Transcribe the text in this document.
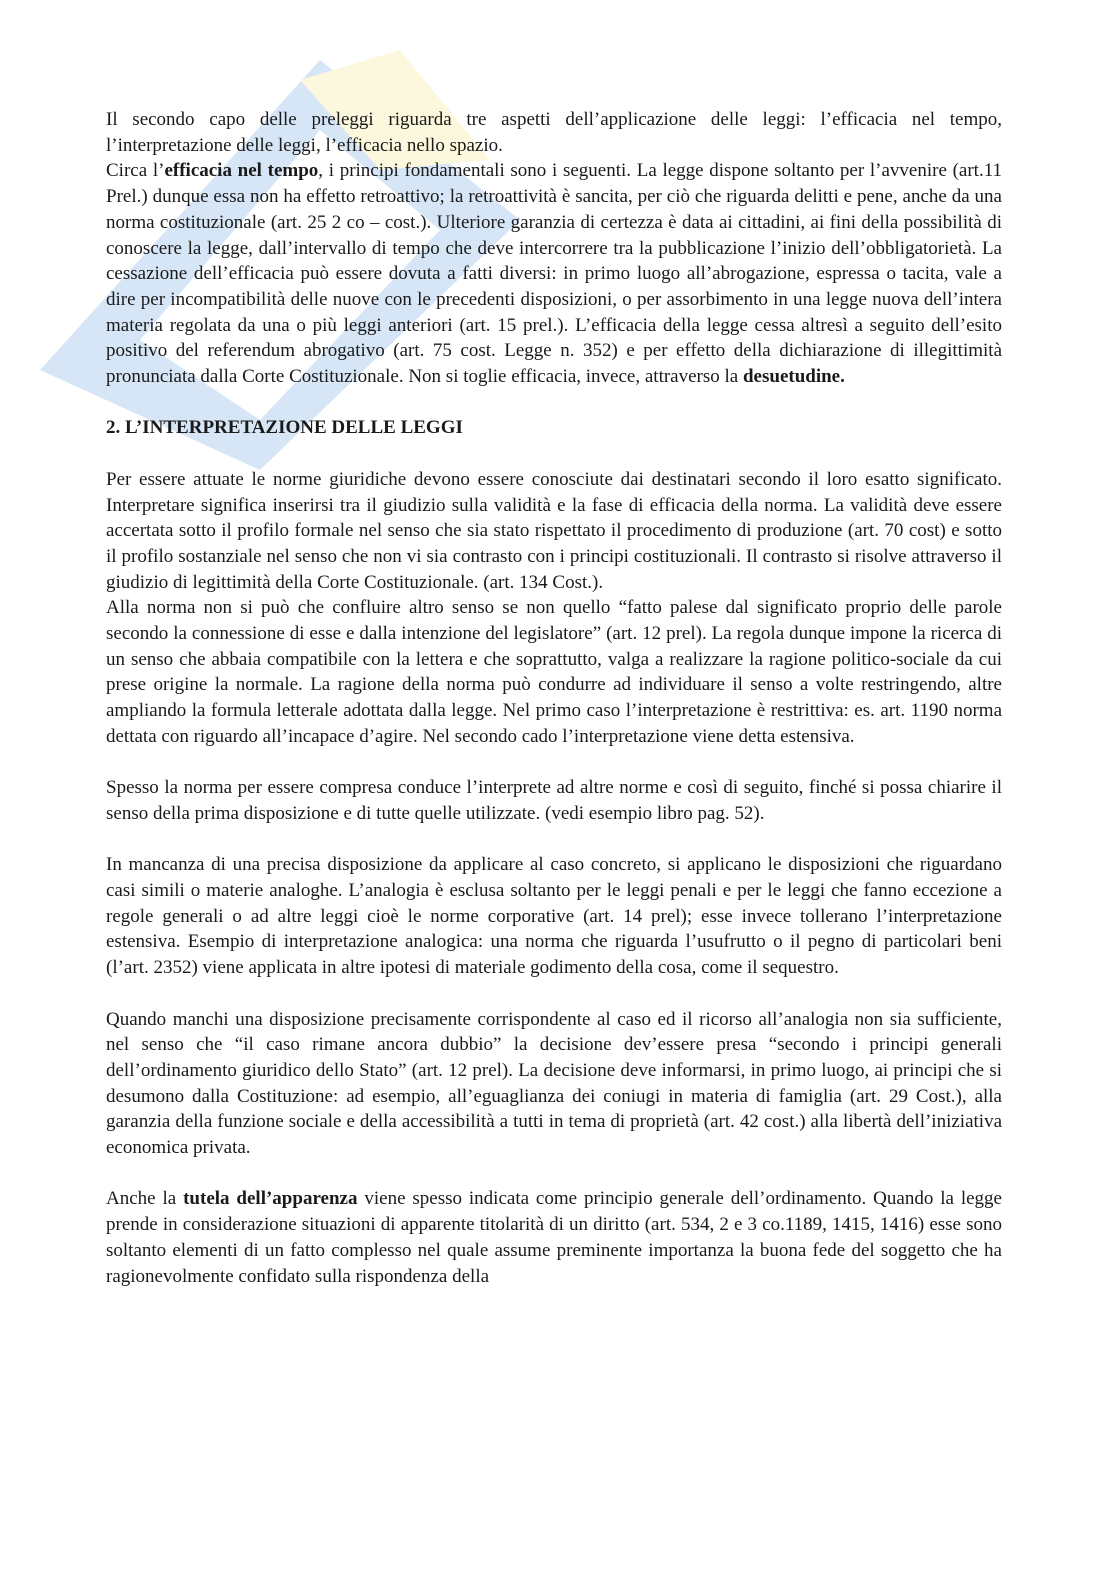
Il secondo capo delle preleggi riguarda tre aspetti dell’applicazione delle leggi: l’efficacia nel tempo, l’interpretazione delle leggi, l’efficacia nello spazio.

Circa l’efficacia nel tempo, i principi fondamentali sono i seguenti. La legge dispone soltanto per l’avvenire (art.11 Prel.) dunque essa non ha effetto retroattivo; la retroattività è sancita, per ciò che riguarda delitti e pene, anche da una norma costituzionale (art. 25 2 co – cost.). Ulteriore garanzia di certezza è data ai cittadini, ai fini della possibilità di conoscere la legge, dall’intervallo di tempo che deve intercorrere tra la pubblicazione l’inizio dell’obbligatorietà. La cessazione dell’efficacia può essere dovuta a fatti diversi: in primo luogo all’abrogazione, espressa o tacita, vale a dire per incompatibilità delle nuove con le precedenti disposizioni, o per assorbimento in una legge nuova dell’intera materia regolata da una o più leggi anteriori (art. 15 prel.). L’efficacia della legge cessa altresì a seguito dell’esito positivo del referendum abrogativo (art. 75 cost. Legge n. 352) e per effetto della dichiarazione di illegittimità pronunciata dalla Corte Costituzionale. Non si toglie efficacia, invece, attraverso la desuetudine.

2. L’INTERPRETAZIONE DELLE LEGGI

Per essere attuate le norme giuridiche devono essere conosciute dai destinatari secondo il loro esatto significato. Interpretare significa inserirsi tra il giudizio sulla validità e la fase di efficacia della norma. La validità deve essere accertata sotto il profilo formale nel senso che sia stato rispettato il procedimento di produzione (art. 70 cost) e sotto il profilo sostanziale nel senso che non vi sia contrasto con i principi costituzionali. Il contrasto si risolve attraverso il giudizio di legittimità della Corte Costituzionale. (art. 134 Cost.).

Alla norma non si può che confluire altro senso se non quello “fatto palese dal significato proprio delle parole secondo la connessione di esse e dalla intenzione del legislatore” (art. 12 prel). La regola dunque impone la ricerca di un senso che abbaia compatibile con la lettera e che soprattutto, valga a realizzare la ragione politico-sociale da cui prese origine la normale. La ragione della norma può condurre ad individuare il senso a volte restringendo, altre ampliando la formula letterale adottata dalla legge. Nel primo caso l’interpretazione è restrittiva: es. art. 1190 norma dettata con riguardo all’incapace d’agire. Nel secondo cado l’interpretazione viene detta estensiva.

Spesso la norma per essere compresa conduce l’interprete ad altre norme e così di seguito, finché si possa chiarire il senso della prima disposizione e di tutte quelle utilizzate. (vedi esempio libro pag. 52).

In mancanza di una precisa disposizione da applicare al caso concreto, si applicano le disposizioni che riguardano casi simili o materie analoghe. L’analogia è esclusa soltanto per le leggi penali e per le leggi che fanno eccezione a regole generali o ad altre leggi cioè le norme corporative (art. 14 prel); esse invece tollerano l’interpretazione estensiva. Esempio di interpretazione analogica: una norma che riguarda l’usufrutto o il pegno di particolari beni (l’art. 2352) viene applicata in altre ipotesi di materiale godimento della cosa, come il sequestro.

Quando manchi una disposizione precisamente corrispondente al caso ed il ricorso all’analogia non sia sufficiente, nel senso che “il caso rimane ancora dubbio” la decisione dev’essere presa “secondo i principi generali dell’ordinamento giuridico dello Stato” (art. 12 prel). La decisione deve informarsi, in primo luogo, ai principi che si desumono dalla Costituzione: ad esempio, all’eguaglianza dei coniugi in materia di famiglia (art. 29 Cost.), alla garanzia della funzione sociale e della accessibilità a tutti in tema di proprietà (art. 42 cost.) alla libertà dell’iniziativa economica privata.

Anche la tutela dell’apparenza viene spesso indicata come principio generale dell’ordinamento. Quando la legge prende in considerazione situazioni di apparente titolarità di un diritto (art. 534, 2 e 3 co.1189, 1415, 1416) esse sono soltanto elementi di un fatto complesso nel quale assume preminente importanza la buona fede del soggetto che ha ragionevolmente confidato sulla rispondenza della
